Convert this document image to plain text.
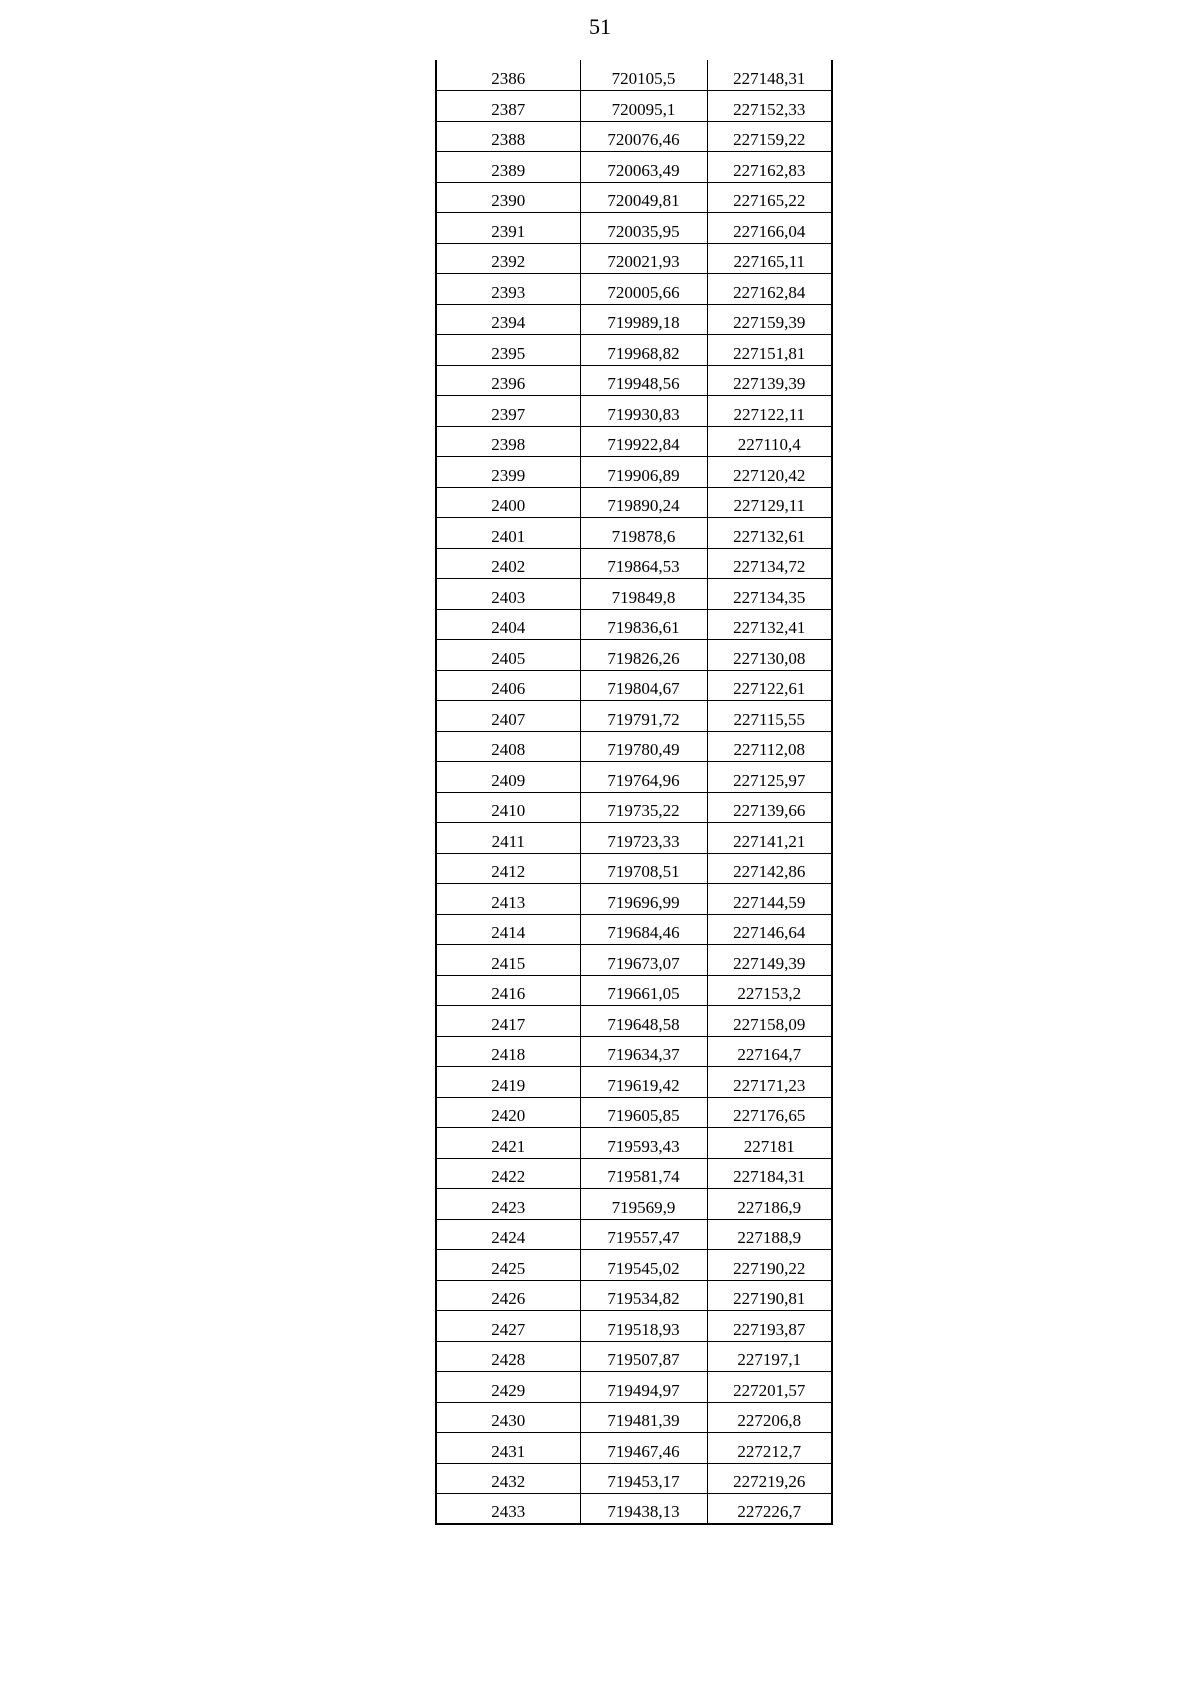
51
2386	720105,5	227148,31
2387	720095,1	227152,33
2388	720076,46	227159,22
2389	720063,49	227162,83
2390	720049,81	227165,22
2391	720035,95	227166,04
2392	720021,93	227165,11
2393	720005,66	227162,84
2394	719989,18	227159,39
2395	719968,82	227151,81
2396	719948,56	227139,39
2397	719930,83	227122,11
2398	719922,84	227110,4
2399	719906,89	227120,42
2400	719890,24	227129,11
2401	719878,6	227132,61
2402	719864,53	227134,72
2403	719849,8	227134,35
2404	719836,61	227132,41
2405	719826,26	227130,08
2406	719804,67	227122,61
2407	719791,72	227115,55
2408	719780,49	227112,08
2409	719764,96	227125,97
2410	719735,22	227139,66
2411	719723,33	227141,21
2412	719708,51	227142,86
2413	719696,99	227144,59
2414	719684,46	227146,64
2415	719673,07	227149,39
2416	719661,05	227153,2
2417	719648,58	227158,09
2418	719634,37	227164,7
2419	719619,42	227171,23
2420	719605,85	227176,65
2421	719593,43	227181
2422	719581,74	227184,31
2423	719569,9	227186,9
2424	719557,47	227188,9
2425	719545,02	227190,22
2426	719534,82	227190,81
2427	719518,93	227193,87
2428	719507,87	227197,1
2429	719494,97	227201,57
2430	719481,39	227206,8
2431	719467,46	227212,7
2432	719453,17	227219,26
2433	719438,13	227226,7
